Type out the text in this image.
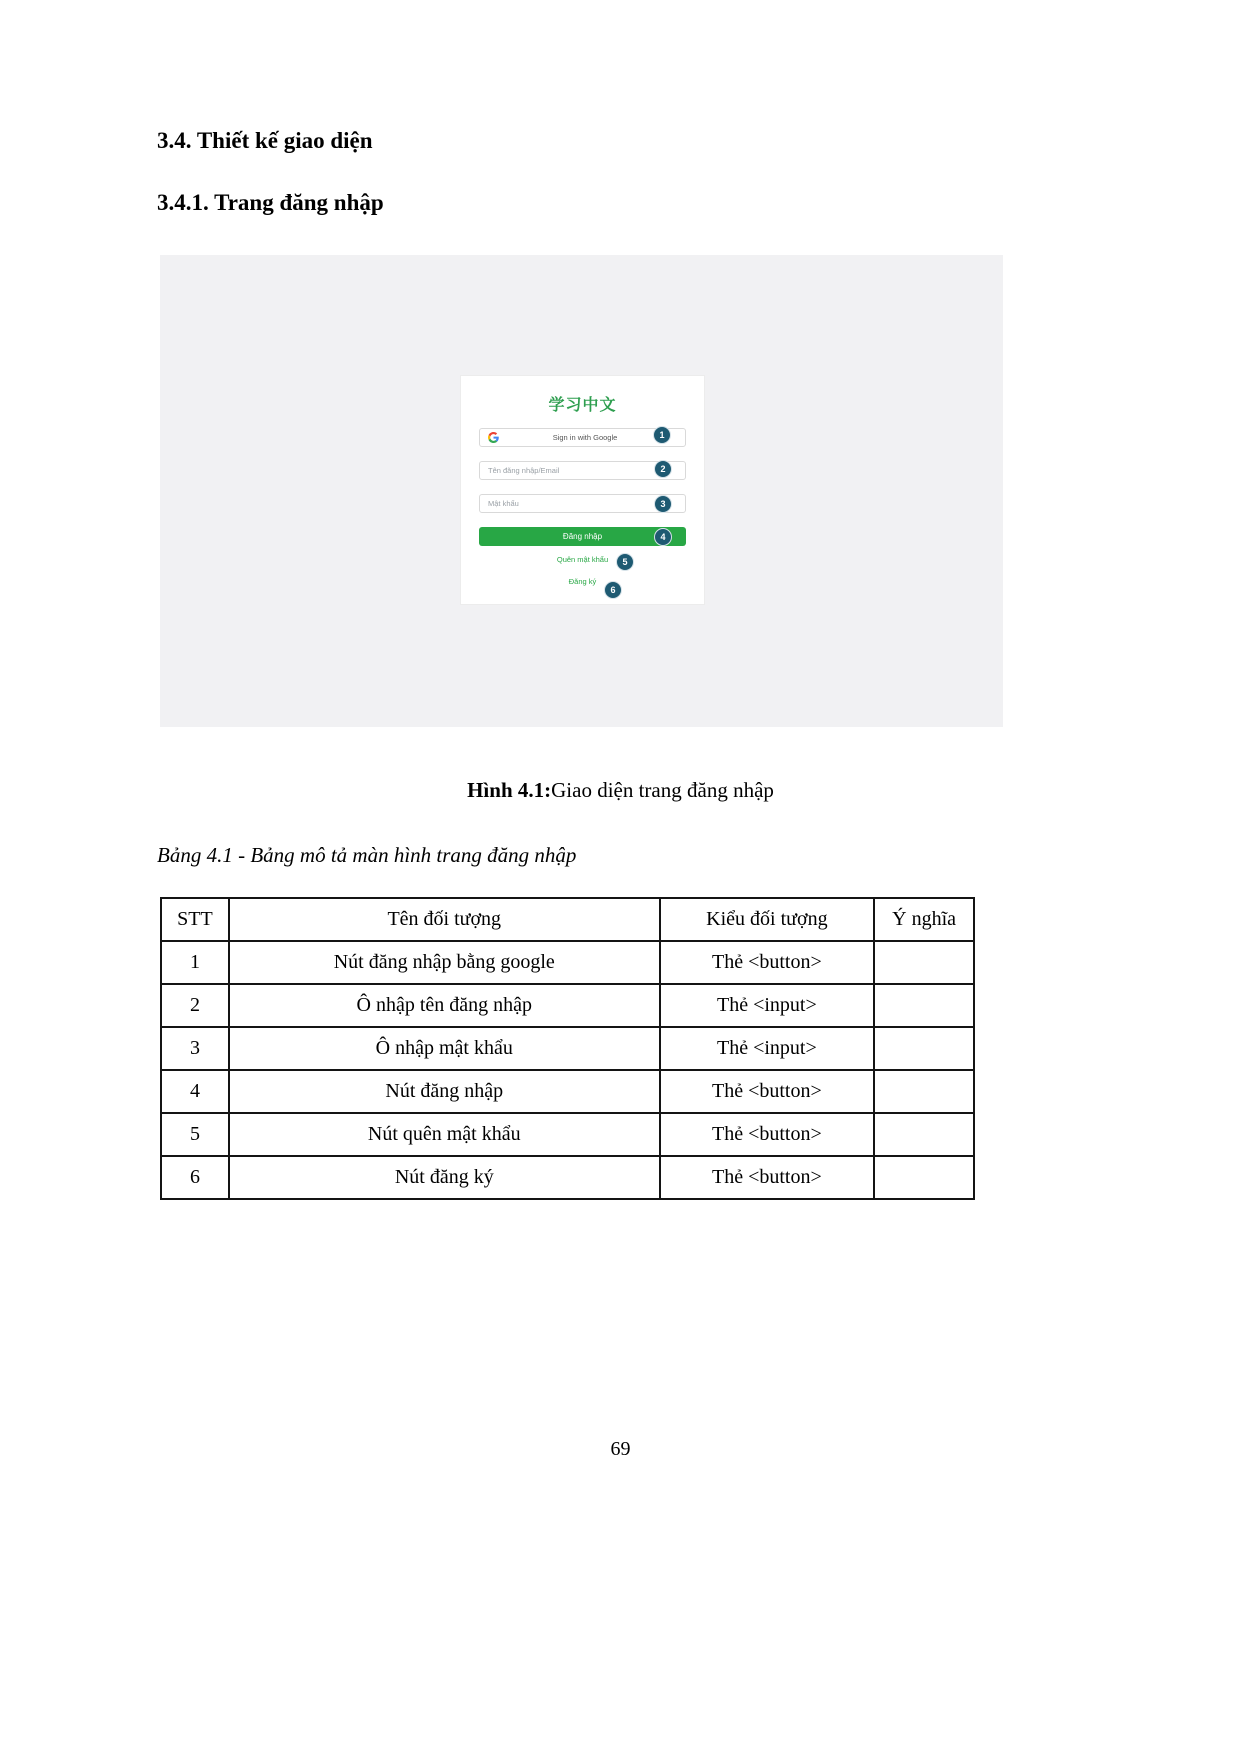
3.4. Thiết kế giao diện
3.4.1. Trang đăng nhập
学习中文
Sign in with Google
Tên đăng nhập/Email
Mật khẩu
Đăng nhập
Quên mật khẩu
Đăng ký
1
2
3
4
5
6
Hình 4.1:Giao diện trang đăng nhập
Bảng 4.1 - Bảng mô tả màn hình trang đăng nhập
STT	Tên đối tượng	Kiểu đối tượng	Ý nghĩa
1	Nút đăng nhập bằng google	Thẻ <button>	
2	Ô nhập tên đăng nhập	Thẻ <input>	
3	Ô nhập mật khẩu	Thẻ <input>	
4	Nút đăng nhập	Thẻ <button>	
5	Nút quên mật khẩu	Thẻ <button>	
6	Nút đăng ký	Thẻ <button>	
69
